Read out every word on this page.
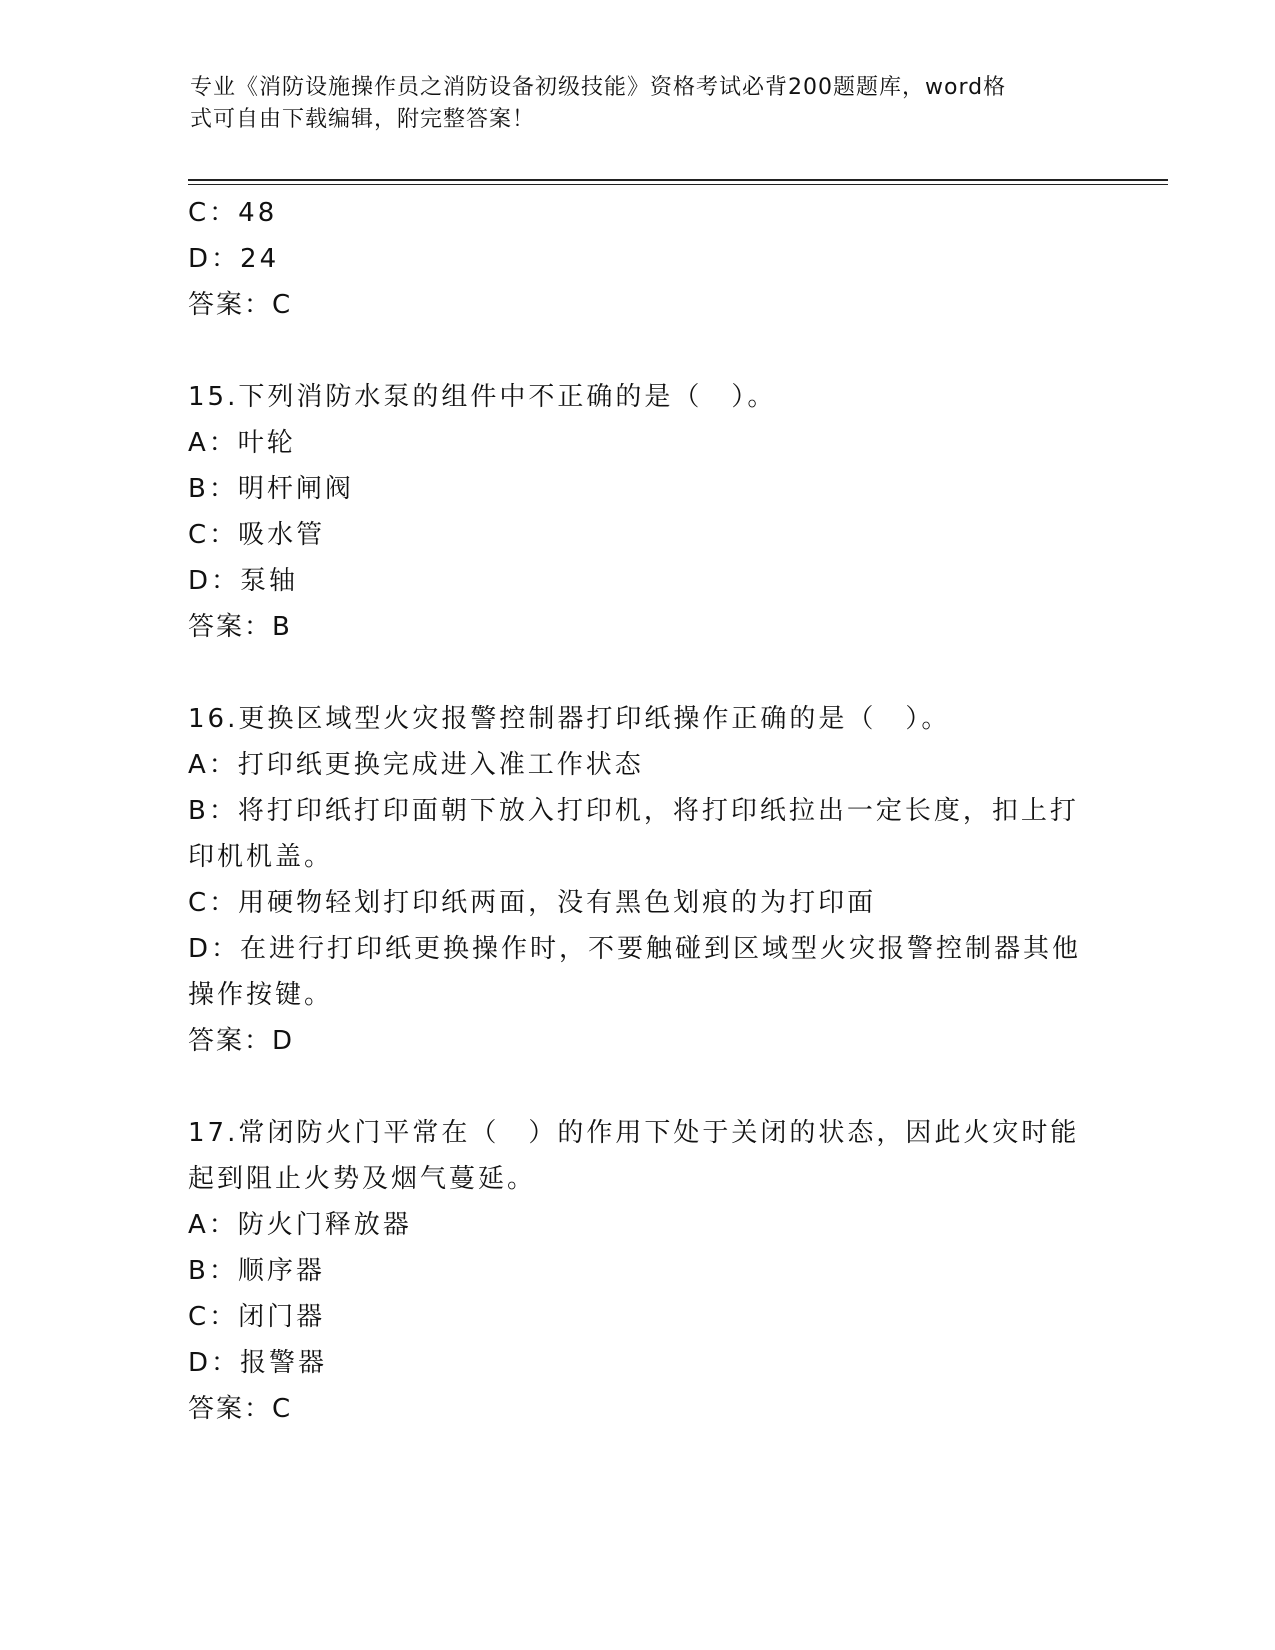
专业《消防设施操作员之消防设备初级技能》资格考试必背200题题库，word格
式可自由下载编辑，附完整答案！
C：48
D：24
答案：C
15.下列消防水泵的组件中不正确的是（　）。
A：叶轮
B：明杆闸阀
C：吸水管
D：泵轴
答案：B
16.更换区域型火灾报警控制器打印纸操作正确的是（　）。
A：打印纸更换完成进入准工作状态
B：将打印纸打印面朝下放入打印机，将打印纸拉出一定长度，扣上打
印机机盖。
C：用硬物轻划打印纸两面，没有黑色划痕的为打印面
D：在进行打印纸更换操作时，不要触碰到区域型火灾报警控制器其他
操作按键。
答案：D
17.常闭防火门平常在（　）的作用下处于关闭的状态，因此火灾时能
起到阻止火势及烟气蔓延。
A：防火门释放器
B：顺序器
C：闭门器
D：报警器
答案：C
